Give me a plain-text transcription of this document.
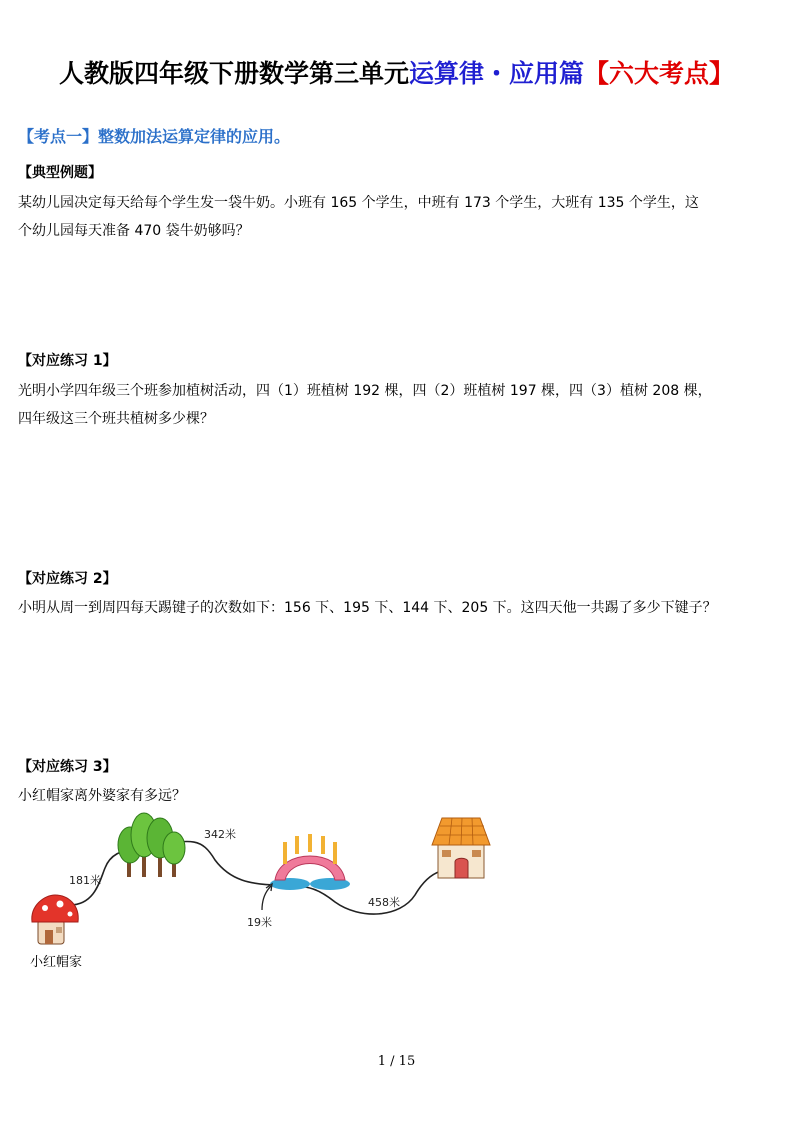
人教版四年级下册数学第三单元运算律・应用篇【六大考点】
【考点一】整数加法运算定律的应用。
【典型例题】
某幼儿园决定每天给每个学生发一袋牛奶。小班有 165 个学生，中班有 173 个学生，大班有 135 个学生，这
个幼儿园每天准备 470 袋牛奶够吗？
【对应练习 1】
光明小学四年级三个班参加植树活动，四（1）班植树 192 棵，四（2）班植树 197 棵，四（3）植树 208 棵，
四年级这三个班共植树多少棵？
【对应练习 2】
小明从周一到周四每天踢键子的次数如下：156 下、195 下、144 下、205 下。这四天他一共踢了多少下键子？
【对应练习 3】
小红帽家离外婆家有多远？
181米
342米
19米
458米
小红帽家
1 / 15
